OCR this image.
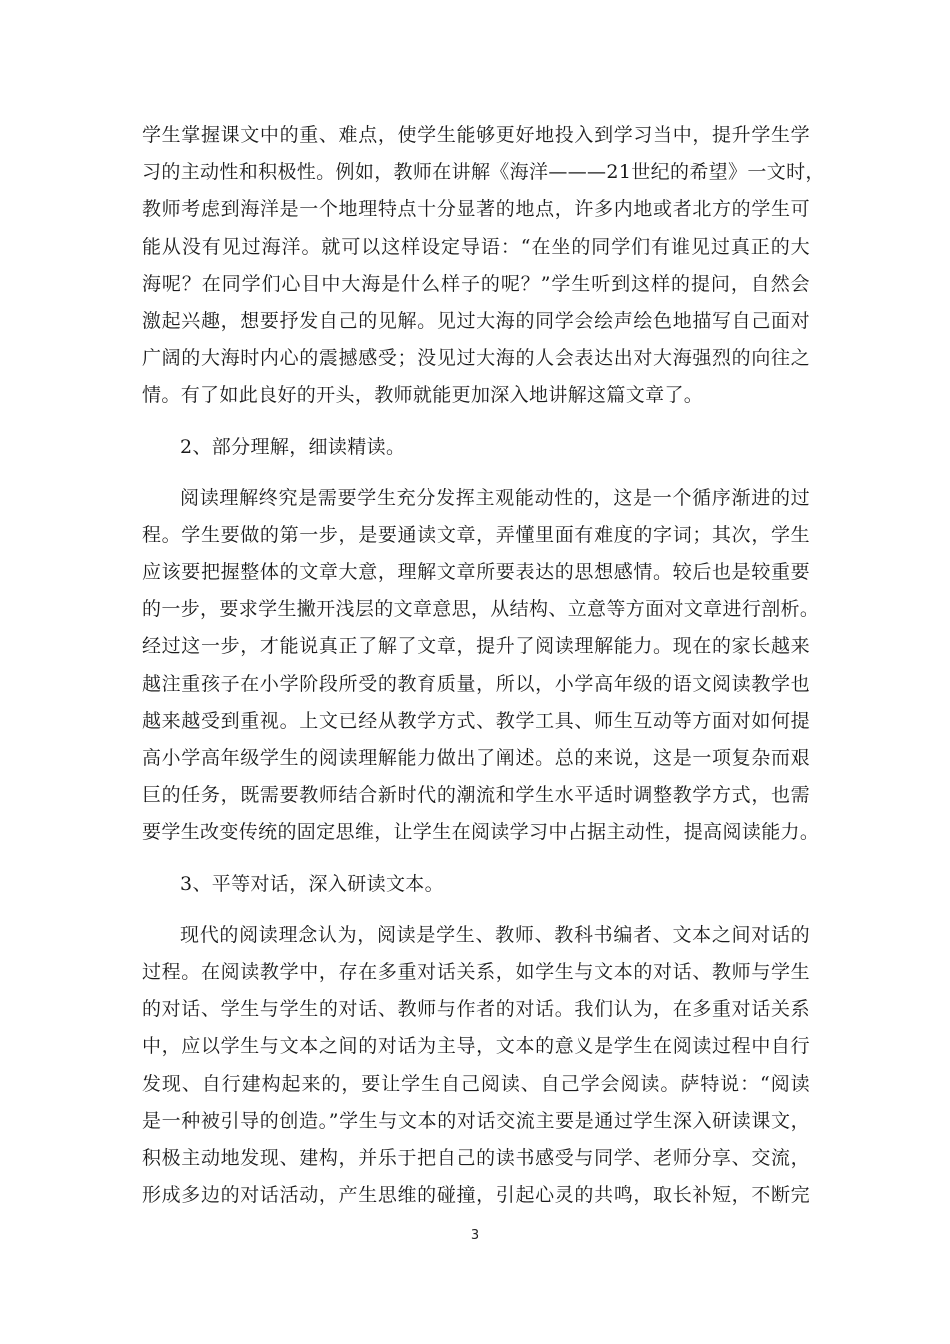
学生掌握课文中的重、难点，使学生能够更好地投入到学习当中，提升学生学
习的主动性和积极性。例如，教师在讲解《海洋———21世纪的希望》一文时，
教师考虑到海洋是一个地理特点十分显著的地点，许多内地或者北方的学生可
能从没有见过海洋。就可以这样设定导语：“在坐的同学们有谁见过真正的大
海呢？在同学们心目中大海是什么样子的呢？”学生听到这样的提问，自然会
激起兴趣，想要抒发自己的见解。见过大海的同学会绘声绘色地描写自己面对
广阔的大海时内心的震撼感受；没见过大海的人会表达出对大海强烈的向往之
情。有了如此良好的开头，教师就能更加深入地讲解这篇文章了。
2、部分理解，细读精读。
阅读理解终究是需要学生充分发挥主观能动性的，这是一个循序渐进的过
程。学生要做的第一步，是要通读文章，弄懂里面有难度的字词；其次，学生
应该要把握整体的文章大意，理解文章所要表达的思想感情。较后也是较重要
的一步，要求学生撇开浅层的文章意思，从结构、立意等方面对文章进行剖析。
经过这一步，才能说真正了解了文章，提升了阅读理解能力。现在的家长越来
越注重孩子在小学阶段所受的教育质量，所以，小学高年级的语文阅读教学也
越来越受到重视。上文已经从教学方式、教学工具、师生互动等方面对如何提
高小学高年级学生的阅读理解能力做出了阐述。总的来说，这是一项复杂而艰
巨的任务，既需要教师结合新时代的潮流和学生水平适时调整教学方式，也需
要学生改变传统的固定思维，让学生在阅读学习中占据主动性，提高阅读能力。
3、平等对话，深入研读文本。
现代的阅读理念认为，阅读是学生、教师、教科书编者、文本之间对话的
过程。在阅读教学中，存在多重对话关系，如学生与文本的对话、教师与学生
的对话、学生与学生的对话、教师与作者的对话。我们认为，在多重对话关系
中，应以学生与文本之间的对话为主导，文本的意义是学生在阅读过程中自行
发现、自行建构起来的，要让学生自己阅读、自己学会阅读。萨特说：“阅读
是一种被引导的创造。”学生与文本的对话交流主要是通过学生深入研读课文，
积极主动地发现、建构，并乐于把自己的读书感受与同学、老师分享、交流，
形成多边的对话活动，产生思维的碰撞，引起心灵的共鸣，取长补短，不断完
3
